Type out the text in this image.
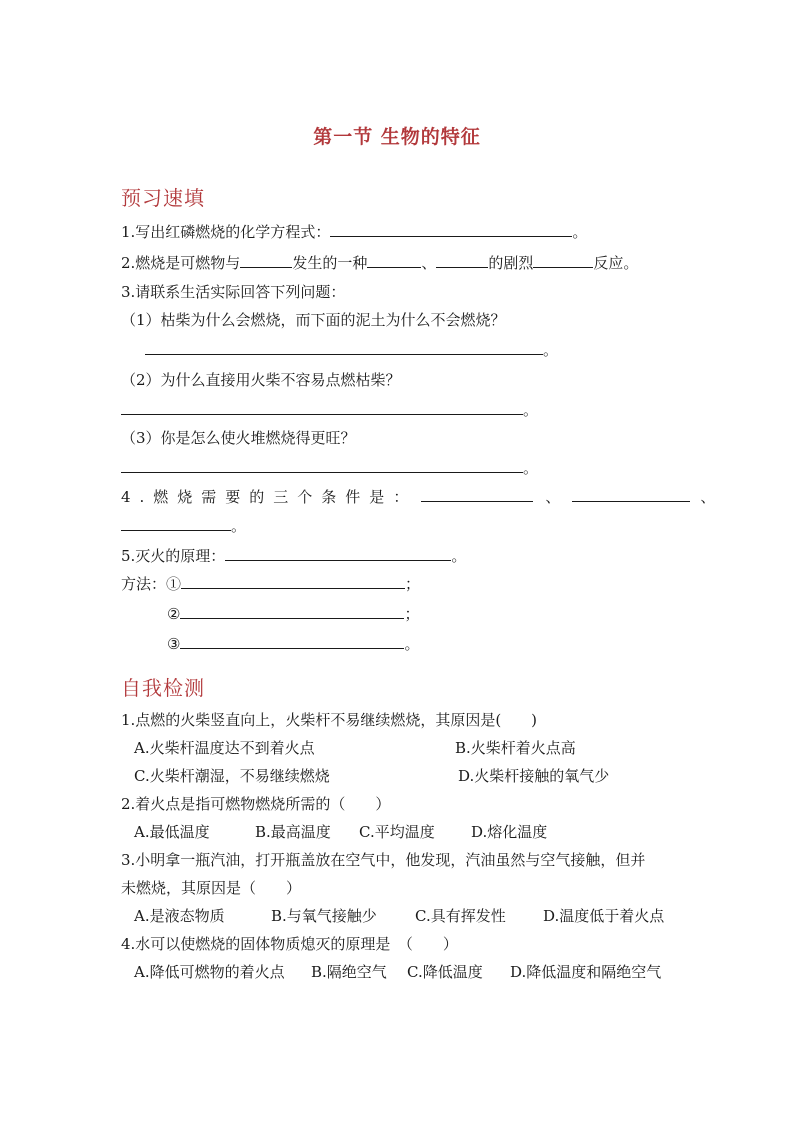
第一节 生物的特征
预习速填
1.写出红磷燃烧的化学方程式：	。
2.燃烧是可燃物与	发生的一种	、	的剧烈	反应。
3.请联系生活实际回答下列问题：
（1）枯柴为什么会燃烧，而下面的泥土为什么不会燃烧？
。
（2）为什么直接用火柴不容易点燃枯柴？
。
（3）你是怎么使火堆燃烧得更旺？
。
4.燃烧需要的三个条件是：	、	、
。
5.灭火的原理：	。
方法：①	；
②	；
③	。
自我检测
1.点燃的火柴竖直向上，火柴杆不易继续燃烧，其原因是(　　)
A.火柴杆温度达不到着火点	B.火柴杆着火点高
C.火柴杆潮湿，不易继续燃烧	D.火柴杆接触的氧气少
2.着火点是指可燃物燃烧所需的（　　）
A.最低温度	B.最高温度 C.平均温度 D.熔化温度
3.小明拿一瓶汽油，打开瓶盖放在空气中，他发现，汽油虽然与空气接触，但并
未燃烧，其原因是（　　）
A.是液态物质	B.与氧气接触少	C.具有挥发性 D.温度低于着火点
4.水可以使燃烧的固体物质熄灭的原理是　（　　）
A.降低可燃物的着火点 B.隔绝空气 C.降低温度 D.降低温度和隔绝空气
